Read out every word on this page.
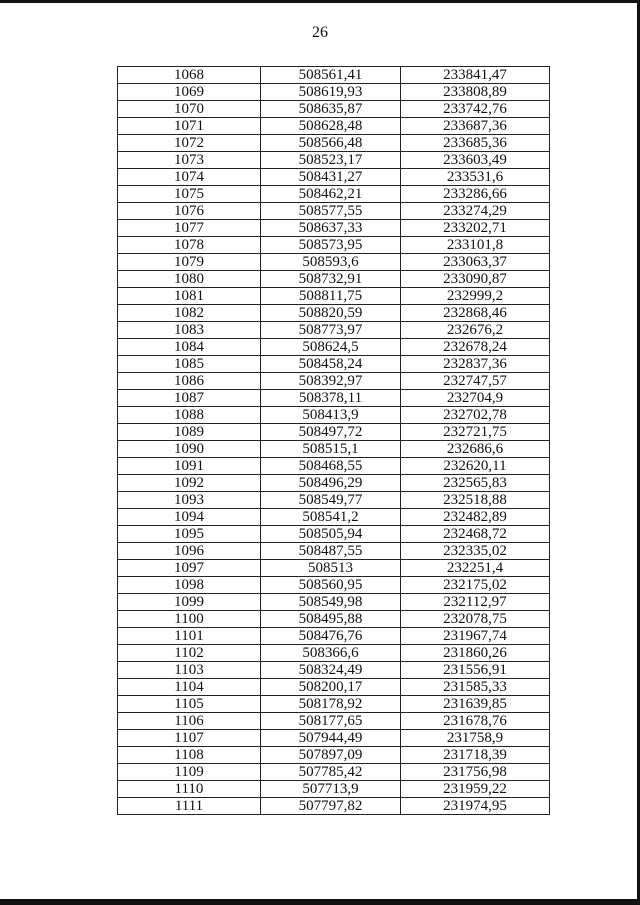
26
1068	508561,41	233841,47
1069	508619,93	233808,89
1070	508635,87	233742,76
1071	508628,48	233687,36
1072	508566,48	233685,36
1073	508523,17	233603,49
1074	508431,27	233531,6
1075	508462,21	233286,66
1076	508577,55	233274,29
1077	508637,33	233202,71
1078	508573,95	233101,8
1079	508593,6	233063,37
1080	508732,91	233090,87
1081	508811,75	232999,2
1082	508820,59	232868,46
1083	508773,97	232676,2
1084	508624,5	232678,24
1085	508458,24	232837,36
1086	508392,97	232747,57
1087	508378,11	232704,9
1088	508413,9	232702,78
1089	508497,72	232721,75
1090	508515,1	232686,6
1091	508468,55	232620,11
1092	508496,29	232565,83
1093	508549,77	232518,88
1094	508541,2	232482,89
1095	508505,94	232468,72
1096	508487,55	232335,02
1097	508513	232251,4
1098	508560,95	232175,02
1099	508549,98	232112,97
1100	508495,88	232078,75
1101	508476,76	231967,74
1102	508366,6	231860,26
1103	508324,49	231556,91
1104	508200,17	231585,33
1105	508178,92	231639,85
1106	508177,65	231678,76
1107	507944,49	231758,9
1108	507897,09	231718,39
1109	507785,42	231756,98
1110	507713,9	231959,22
1111	507797,82	231974,95
